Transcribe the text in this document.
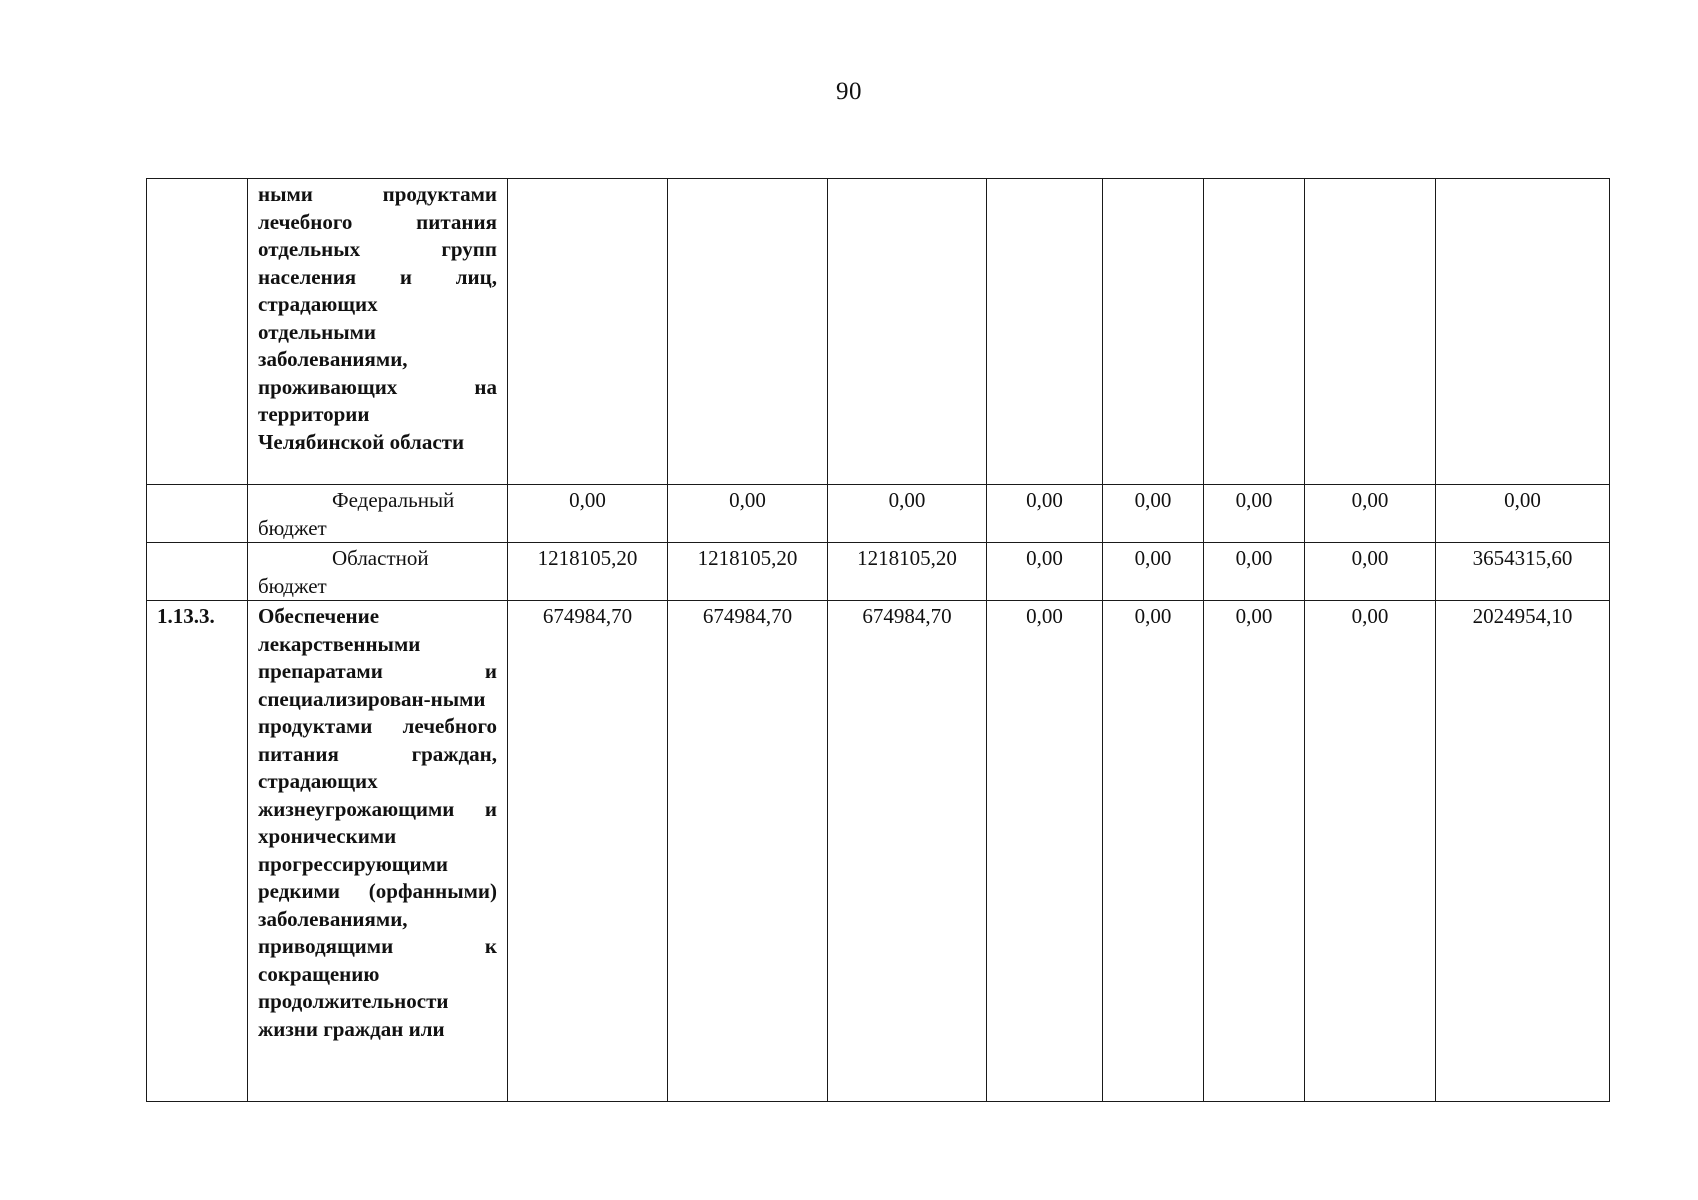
90
	ными продуктами лечебного питания отдельных групп населения и лиц, страдающих отдельными заболеваниями, проживающих на территории Челябинской области								

	Федеральный
бюджет	0,00	0,00	0,00	0,00	0,00	0,00	0,00	0,00

	Областной
бюджет	1218105,20	1218105,20	1218105,20	0,00	0,00	0,00	0,00	3654315,60
1.13.3.	Обеспечение лекарственными препаратами и специализирован-ными продуктами лечебного питания граждан, страдающих жизнеугрожающими и хроническими прогрессирующими редкими (орфанными) заболеваниями, приводящими к сокращению продолжительности жизни граждан или	674984,70	674984,70	674984,70	0,00	0,00	0,00	0,00	2024954,10
